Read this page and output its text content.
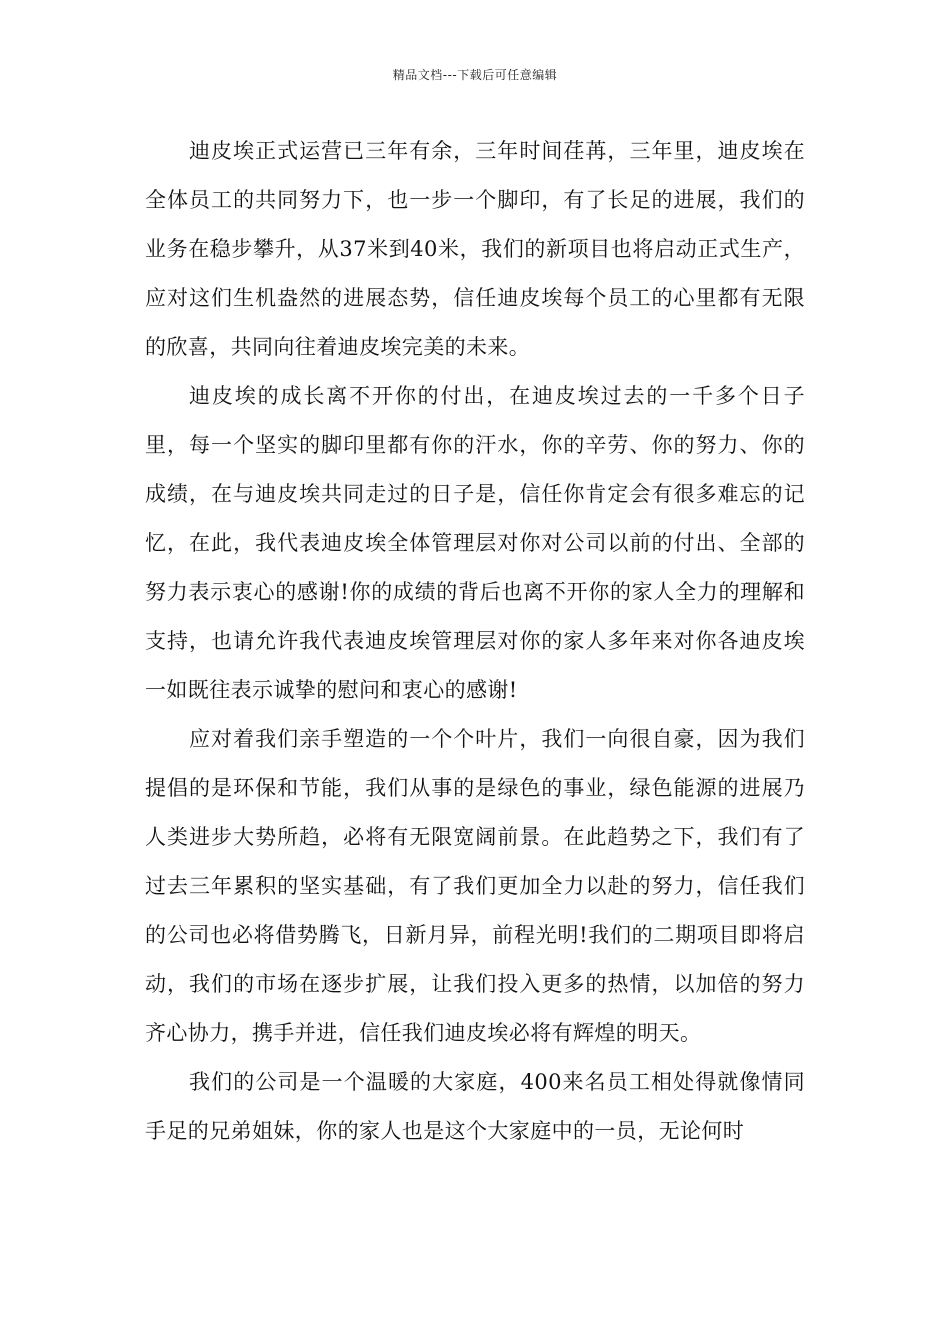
精品文档---下载后可任意编辑

迪皮埃正式运营已三年有余，三年时间荏苒，三年里，迪皮埃在全体员工的共同努力下，也一步一个脚印，有了长足的进展，我们的业务在稳步攀升，从37米到40米，我们的新项目也将启动正式生产，应对这们生机盎然的进展态势，信任迪皮埃每个员工的心里都有无限的欣喜，共同向往着迪皮埃完美的未来。

迪皮埃的成长离不开你的付出，在迪皮埃过去的一千多个日子里，每一个坚实的脚印里都有你的汗水，你的辛劳、你的努力、你的成绩，在与迪皮埃共同走过的日子是，信任你肯定会有很多难忘的记忆，在此，我代表迪皮埃全体管理层对你对公司以前的付出、全部的努力表示衷心的感谢!你的成绩的背后也离不开你的家人全力的理解和支持，也请允许我代表迪皮埃管理层对你的家人多年来对你各迪皮埃一如既往表示诚挚的慰问和衷心的感谢!

应对着我们亲手塑造的一个个叶片，我们一向很自豪，因为我们提倡的是环保和节能，我们从事的是绿色的事业，绿色能源的进展乃人类进步大势所趋，必将有无限宽阔前景。在此趋势之下，我们有了过去三年累积的坚实基础，有了我们更加全力以赴的努力，信任我们的公司也必将借势腾飞，日新月异，前程光明!我们的二期项目即将启动，我们的市场在逐步扩展，让我们投入更多的热情，以加倍的努力齐心协力，携手并进，信任我们迪皮埃必将有辉煌的明天。

我们的公司是一个温暖的大家庭，400来名员工相处得就像情同手足的兄弟姐妹，你的家人也是这个大家庭中的一员，无论何时
